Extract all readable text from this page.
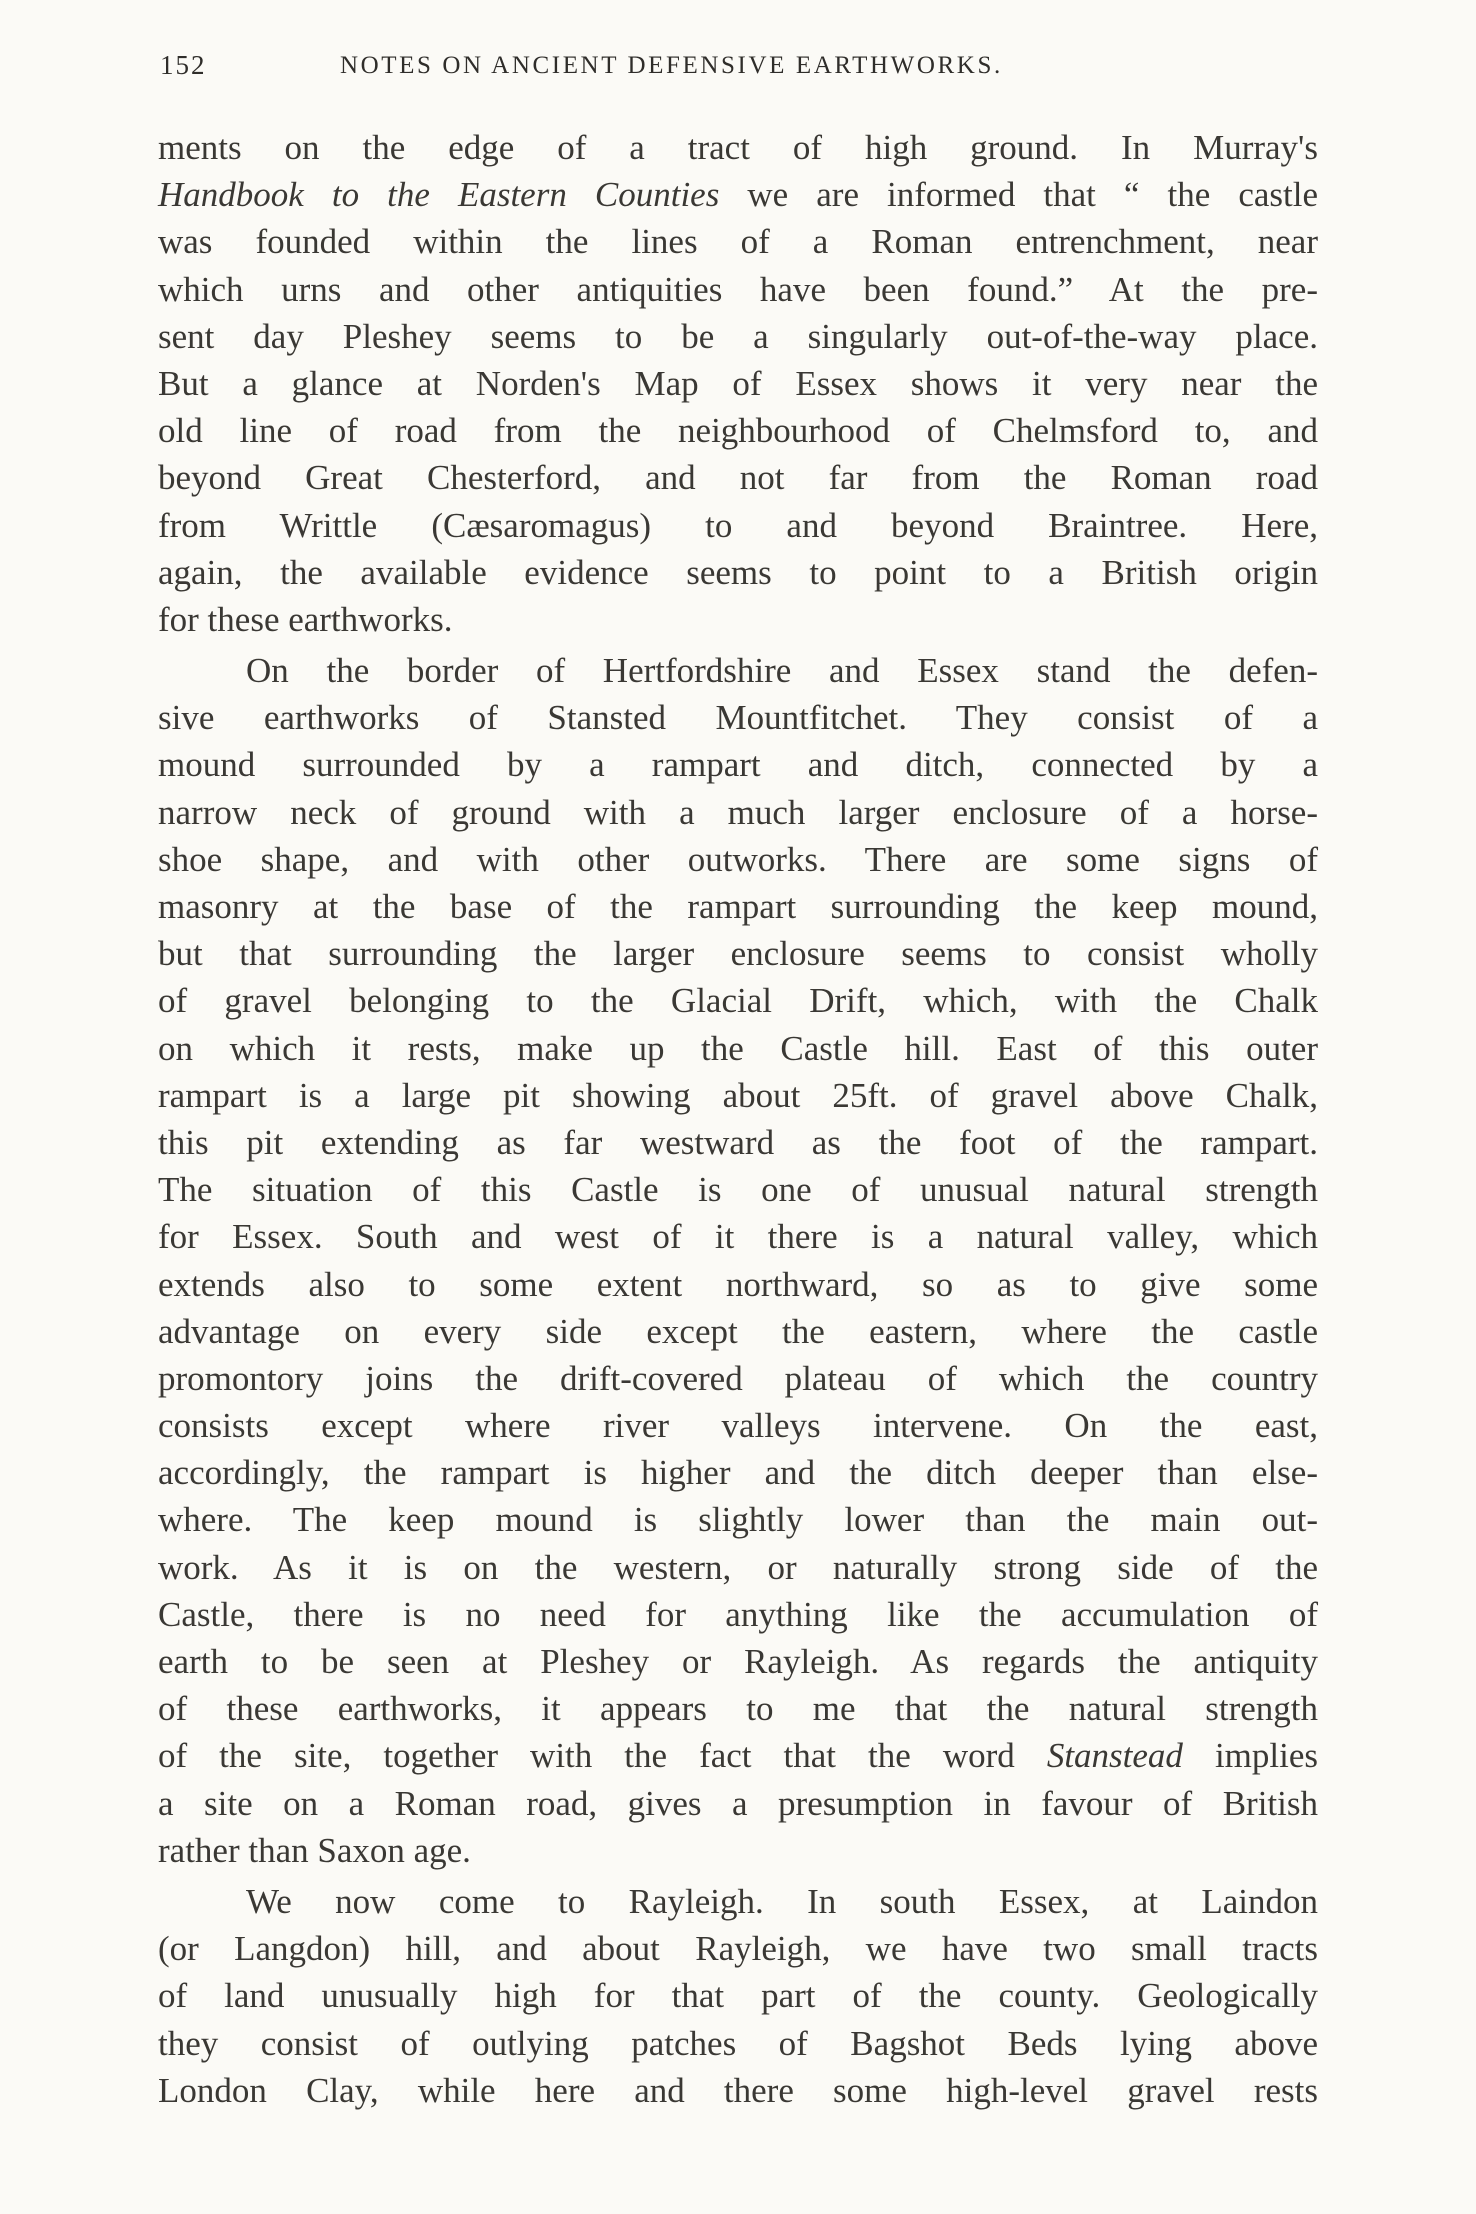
152	NOTES ON ANCIENT DEFENSIVE EARTHWORKS.
ments on the edge of a tract of high ground. In Murray's
Handbook to the Eastern Counties we are informed that “ the castle
was founded within the lines of a Roman entrenchment, near
which urns and other antiquities have been found.” At the pre-
sent day Pleshey seems to be a singularly out-of-the-way place.
But a glance at Norden's Map of Essex shows it very near the
old line of road from the neighbourhood of Chelmsford to, and
beyond Great Chesterford, and not far from the Roman road
from Writtle (Cæsaromagus) to and beyond Braintree. Here,
again, the available evidence seems to point to a British origin
for these earthworks.
On the border of Hertfordshire and Essex stand the defen-
sive earthworks of Stansted Mountfitchet. They consist of a
mound surrounded by a rampart and ditch, connected by a
narrow neck of ground with a much larger enclosure of a horse-
shoe shape, and with other outworks. There are some signs of
masonry at the base of the rampart surrounding the keep mound,
but that surrounding the larger enclosure seems to consist wholly
of gravel belonging to the Glacial Drift, which, with the Chalk
on which it rests, make up the Castle hill. East of this outer
rampart is a large pit showing about 25ft. of gravel above Chalk,
this pit extending as far westward as the foot of the rampart.
The situation of this Castle is one of unusual natural strength
for Essex. South and west of it there is a natural valley, which
extends also to some extent northward, so as to give some
advantage on every side except the eastern, where the castle
promontory joins the drift-covered plateau of which the country
consists except where river valleys intervene. On the east,
accordingly, the rampart is higher and the ditch deeper than else-
where. The keep mound is slightly lower than the main out-
work. As it is on the western, or naturally strong side of the
Castle, there is no need for anything like the accumulation of
earth to be seen at Pleshey or Rayleigh. As regards the antiquity
of these earthworks, it appears to me that the natural strength
of the site, together with the fact that the word Stanstead implies
a site on a Roman road, gives a presumption in favour of British
rather than Saxon age.
We now come to Rayleigh. In south Essex, at Laindon
(or Langdon) hill, and about Rayleigh, we have two small tracts
of land unusually high for that part of the county. Geologically
they consist of outlying patches of Bagshot Beds lying above
London Clay, while here and there some high-level gravel rests
